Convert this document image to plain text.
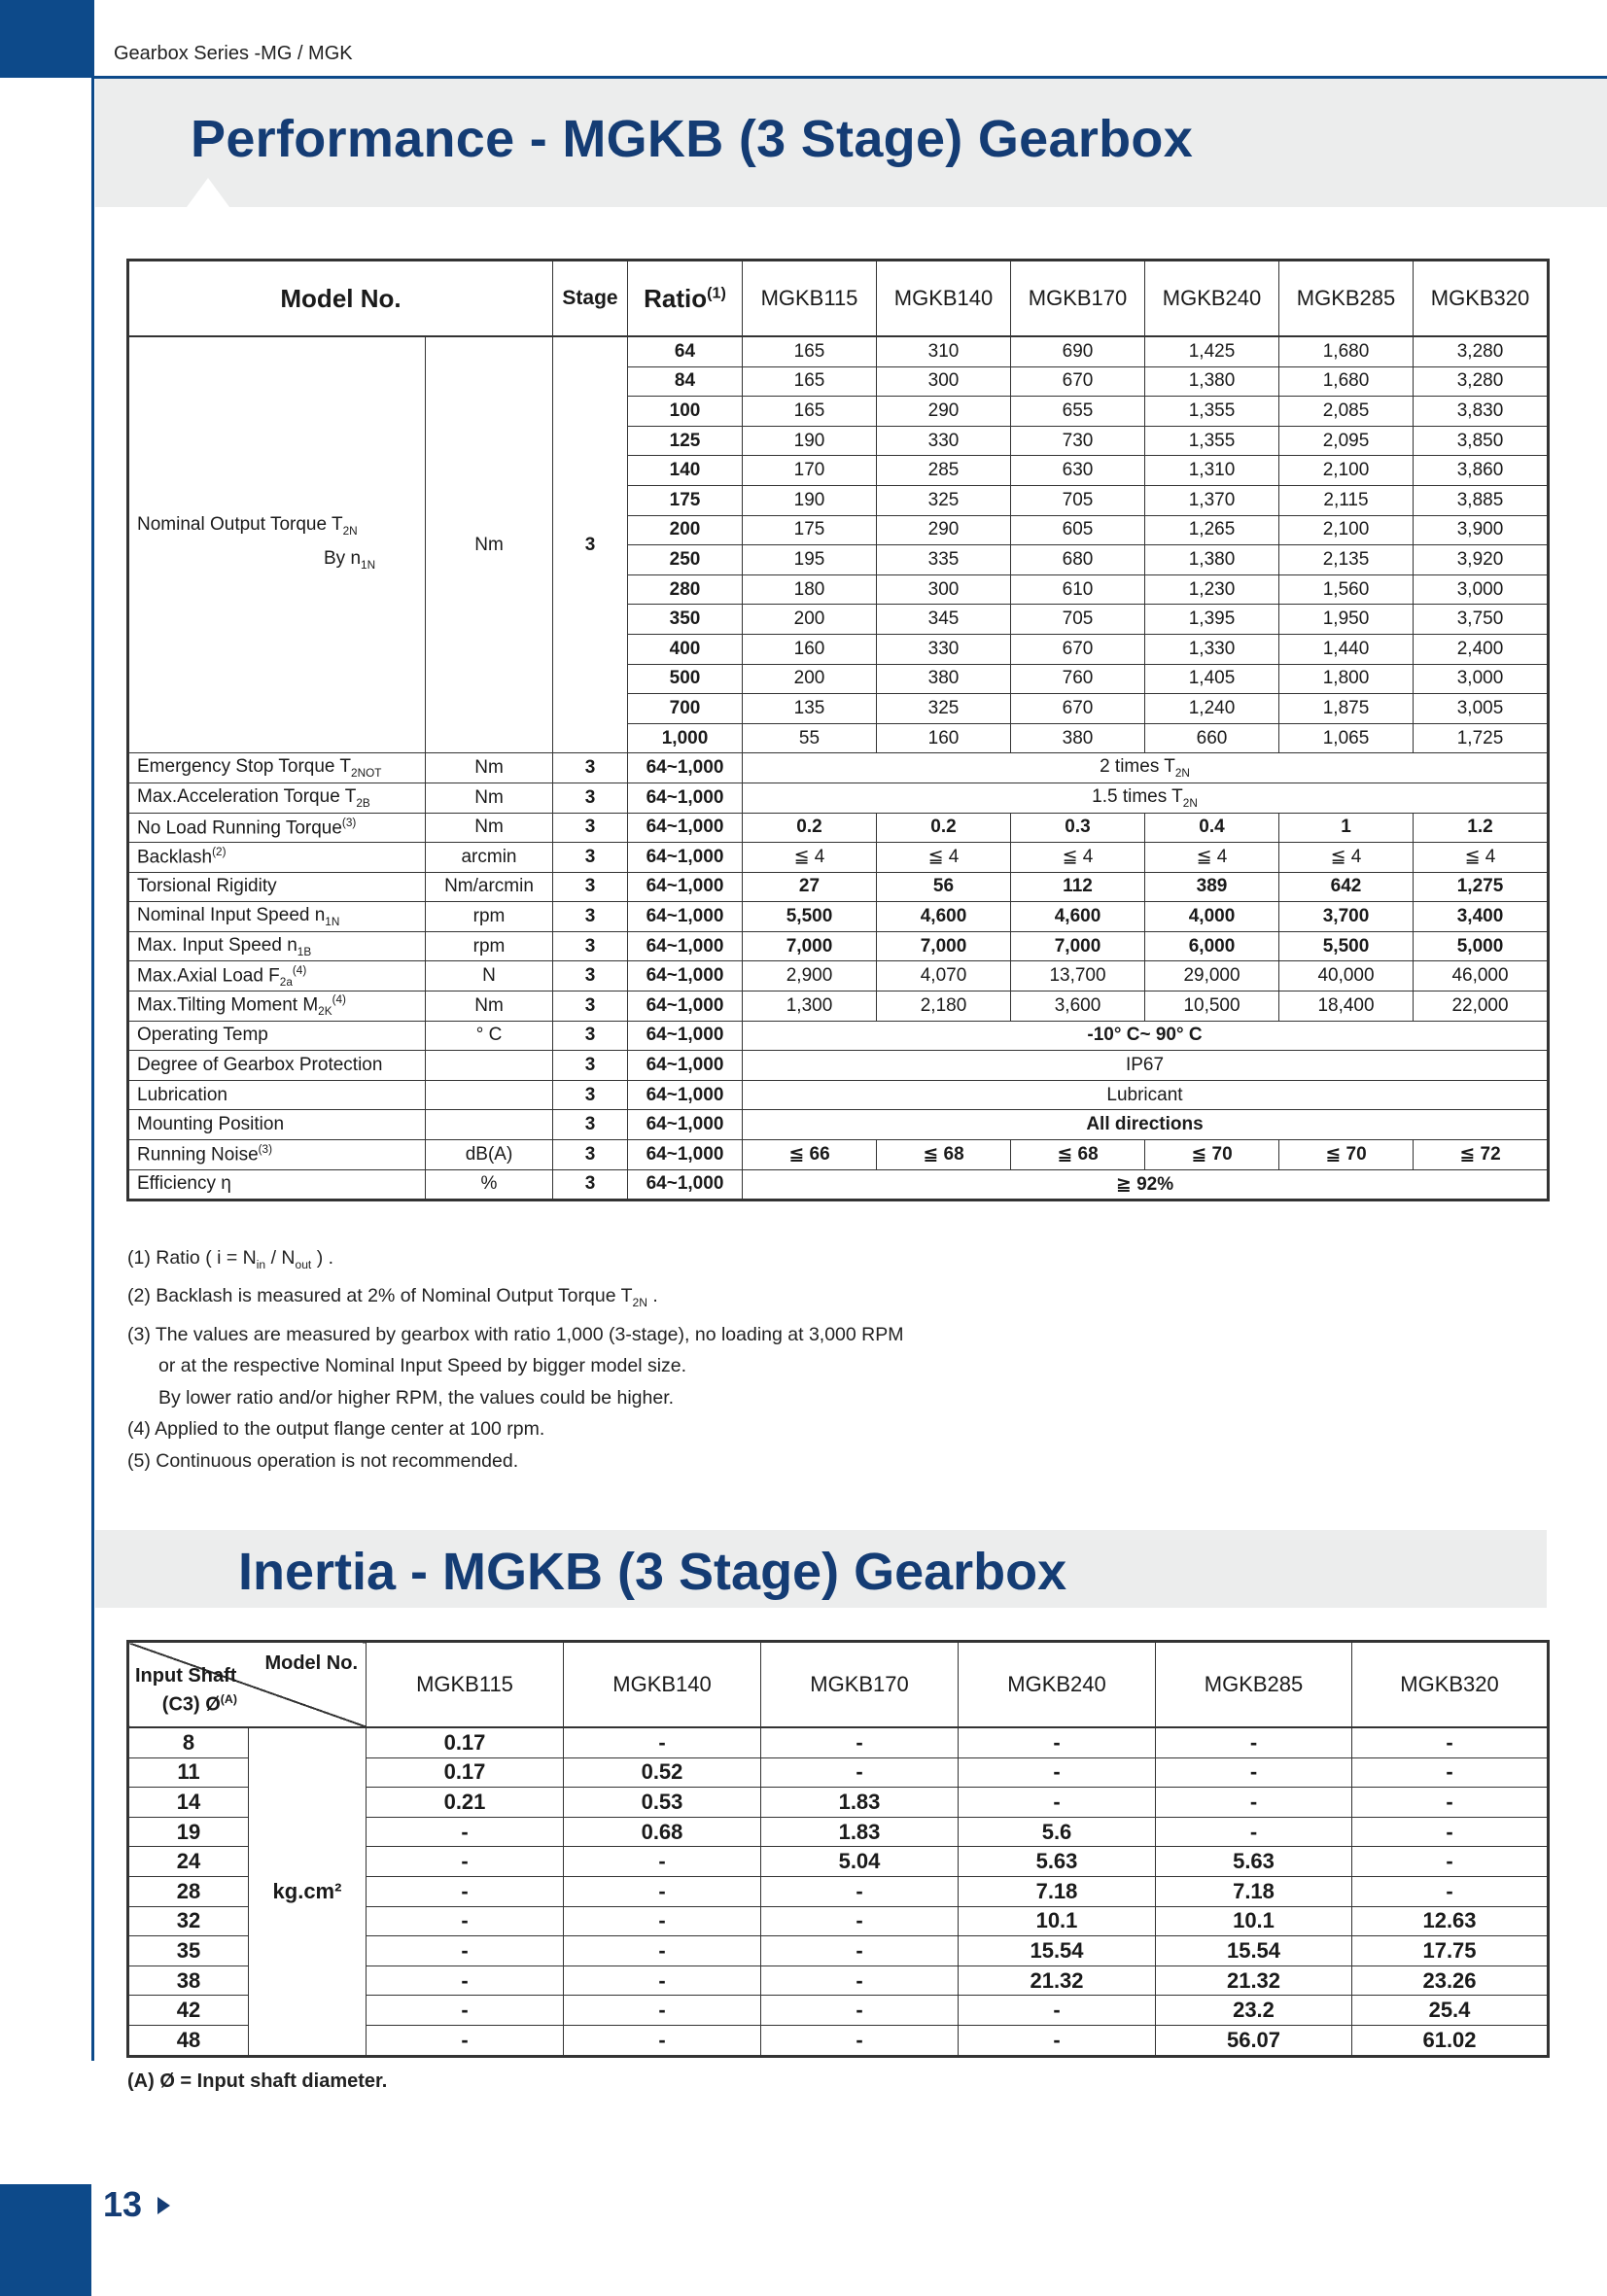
Gearbox Series -MG / MGK
Performance - MGKB (3 Stage) Gearbox
Model No.		Stage	Ratio$^{(1)}$	MGKB115	MGKB140	MGKB170	MGKB240	MGKB285	MGKB320
Nominal Output Torque $T_{2N}$
By $n_{1N}$	Nm	3	64	165	310	690	1,425	1,680	3,280
			84	165	300	670	1,380	1,680	3,280
			100	165	290	655	1,355	2,085	3,830
			125	190	330	730	1,355	2,095	3,850
			140	170	285	630	1,310	2,100	3,860
			175	190	325	705	1,370	2,115	3,885
			200	175	290	605	1,265	2,100	3,900
			250	195	335	680	1,380	2,135	3,920
			280	180	300	610	1,230	1,560	3,000
			350	200	345	705	1,395	1,950	3,750
			400	160	330	670	1,330	1,440	2,400
			500	200	380	760	1,405	1,800	3,000
			700	135	325	670	1,240	1,875	3,005
			1,000	55	160	380	660	1,065	1,725
Emergency Stop Torque $T_{2NOT}$	Nm	3	64~1,000	2 times $T_{2N}$
Max.Acceleration Torque $T_{2B}$	Nm	3	64~1,000	1.5 times $T_{2N}$
No Load Running Torque$^{(3)}$	Nm	3	64~1,000	0.2	0.2	0.3	0.4	1	1.2
Backlash$^{(2)}$	arcmin	3	64~1,000	≦ 4	≦ 4	≦ 4	≦ 4	≦ 4	≦ 4
Torsional Rigidity	Nm/arcmin	3	64~1,000	27	56	112	389	642	1,275
Nominal Input Speed $n_{1N}$	rpm	3	64~1,000	5,500	4,600	4,600	4,000	3,700	3,400
Max. Input Speed $n_{1B}$	rpm	3	64~1,000	7,000	7,000	7,000	6,000	5,500	5,000
Max.Axial Load $F_{2a}^{(4)}$	N	3	64~1,000	2,900	4,070	13,700	29,000	40,000	46,000
Max.Tilting Moment $M_{2K}^{(4)}$	Nm	3	64~1,000	1,300	2,180	3,600	10,500	18,400	22,000
Operating Temp	° C	3	64~1,000	-10° C~ 90° C					
Degree of Gearbox Protection		3	64~1,000	IP67					
Lubrication		3	64~1,000	Lubricant					
Mounting Position		3	64~1,000	All directions					
Running Noise$^{(3)}$	dB(A)	3	64~1,000	≦ 66	≦ 68	≦ 68	≦ 70	≦ 70	≦ 72
Efficiency η	%	3	64~1,000	≧ 92%					
(1) Ratio ( $i = N_{in} / N_{out}$ ) .
(2) Backlash is measured at 2% of Nominal Output Torque $T_{2N}$ .
(3) The values are measured by gearbox with ratio 1,000 (3-stage), no loading at 3,000 RPM
or at the respective Nominal Input Speed by bigger model size.
By lower ratio and/or higher RPM, the values could be higher.
(4) Applied to the output flange center at 100 rpm.
(5) Continuous operation is not recommended.
Inertia - MGKB (3 Stage) Gearbox
Model No.
Input Shaft
(C3) $Ø^{(A)}$		MGKB115	MGKB140	MGKB170	MGKB240	MGKB285	MGKB320
8	kg.cm²	0.17	-	-	-	-	-
11		0.17	0.52	-	-	-	-
14		0.21	0.53	1.83	-	-	-
19		-	0.68	1.83	5.6	-	-
24		-	-	5.04	5.63	5.63	-
28		-	-	-	7.18	7.18	-
32		-	-	-	10.1	10.1	12.63
35		-	-	-	15.54	15.54	17.75
38		-	-	-	21.32	21.32	23.26
42		-	-	-	-	23.2	25.4
48		-	-	-	-	56.07	61.02
(A) Ø = Input shaft diameter.
13
